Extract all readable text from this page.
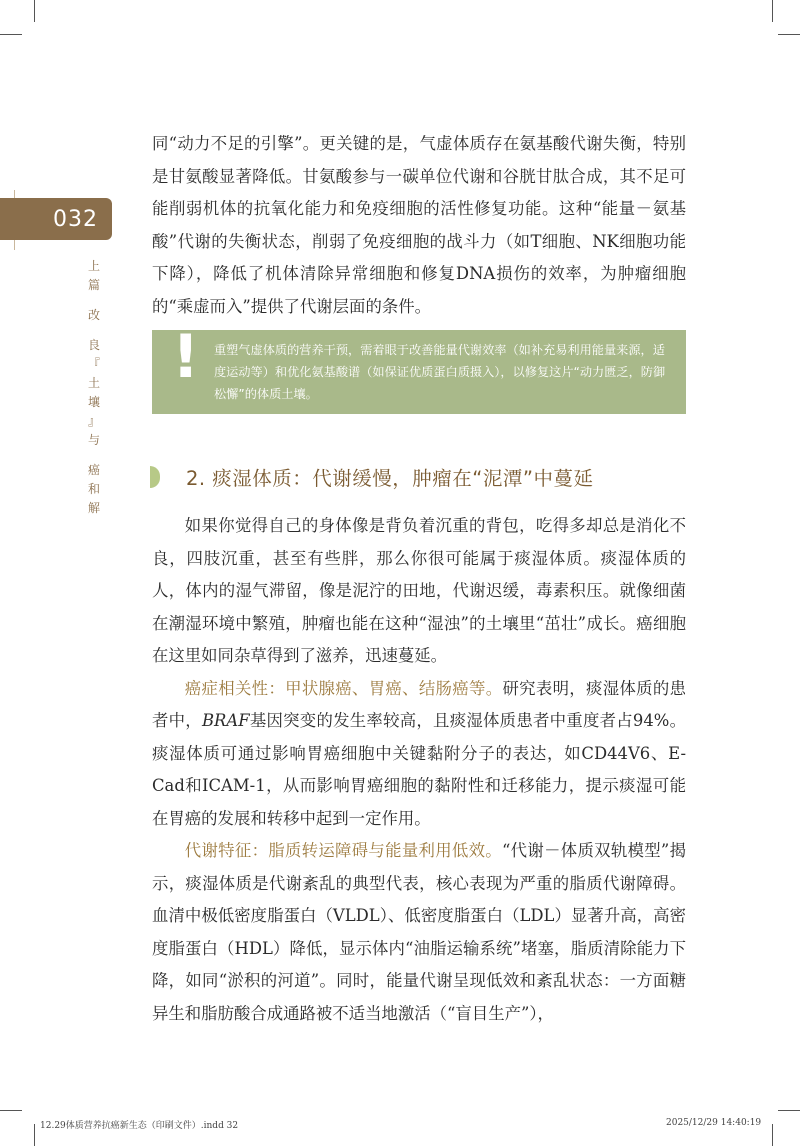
032
上
篇
改
良
『
土
壤
』
与
癌
和
解

同“动力不足的引擎”。更关键的是，气虚体质存在氨基酸代谢失衡，特别是甘氨酸显著降低。甘氨酸参与一碳单位代谢和谷胱甘肽合成，其不足可能削弱机体的抗氧化能力和免疫细胞的活性修复功能。这种“能量－氨基酸”代谢的失衡状态，削弱了免疫细胞的战斗力（如T细胞、NK细胞功能下降），降低了机体清除异常细胞和修复DNA损伤的效率，为肿瘤细胞的“乘虚而入”提供了代谢层面的条件。

重塑气虚体质的营养干预，需着眼于改善能量代谢效率（如补充易利用能量来源，适度运动等）和优化氨基酸谱（如保证优质蛋白质摄入），以修复这片“动力匮乏，防御松懈”的体质土壤。
!
2. 痰湿体质：代谢缓慢，肿瘤在“泥潭”中蔓延

如果你觉得自己的身体像是背负着沉重的背包，吃得多却总是消化不良，四肢沉重，甚至有些胖，那么你很可能属于痰湿体质。痰湿体质的人，体内的湿气滞留，像是泥泞的田地，代谢迟缓，毒素积压。就像细菌在潮湿环境中繁殖，肿瘤也能在这种“湿浊”的土壤里“茁壮”成长。癌细胞在这里如同杂草得到了滋养，迅速蔓延。

癌症相关性：甲状腺癌、胃癌、结肠癌等。研究表明，痰湿体质的患者中，BRAF基因突变的发生率较高，且痰湿体质患者中重度者占94%。痰湿体质可通过影响胃癌细胞中关键黏附分子的表达，如CD44V6、E-Cad和ICAM-1，从而影响胃癌细胞的黏附性和迁移能力，提示痰湿可能在胃癌的发展和转移中起到一定作用。

代谢特征：脂质转运障碍与能量利用低效。“代谢－体质双轨模型”揭示，痰湿体质是代谢紊乱的典型代表，核心表现为严重的脂质代谢障碍。血清中极低密度脂蛋白（VLDL）、低密度脂蛋白（LDL）显著升高，高密度脂蛋白（HDL）降低，显示体内“油脂运输系统”堵塞，脂质清除能力下降，如同“淤积的河道”。同时，能量代谢呈现低效和紊乱状态：一方面糖异生和脂肪酸合成通路被不适当地激活（“盲目生产”），

12.29体质营养抗癌新生态（印刷文件）.indd 32	2025/12/29 14:40:19
